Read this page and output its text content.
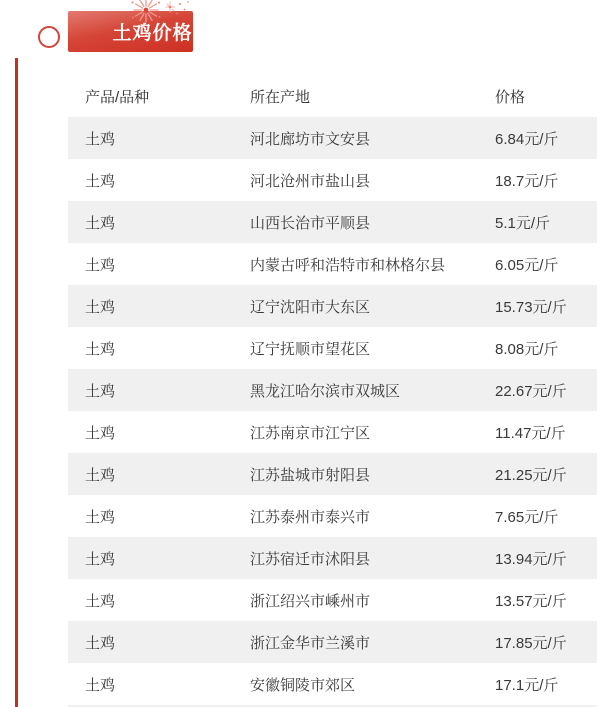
土鸡价格
产品/品种	所在产地	价格
土鸡	河北廊坊市文安县	6.84元/斤
土鸡	河北沧州市盐山县	18.7元/斤
土鸡	山西长治市平顺县	5.1元/斤
土鸡	内蒙古呼和浩特市和林格尔县	6.05元/斤
土鸡	辽宁沈阳市大东区	15.73元/斤
土鸡	辽宁抚顺市望花区	8.08元/斤
土鸡	黑龙江哈尔滨市双城区	22.67元/斤
土鸡	江苏南京市江宁区	11.47元/斤
土鸡	江苏盐城市射阳县	21.25元/斤
土鸡	江苏泰州市泰兴市	7.65元/斤
土鸡	江苏宿迁市沭阳县	13.94元/斤
土鸡	浙江绍兴市嵊州市	13.57元/斤
土鸡	浙江金华市兰溪市	17.85元/斤
土鸡	安徽铜陵市郊区	17.1元/斤
